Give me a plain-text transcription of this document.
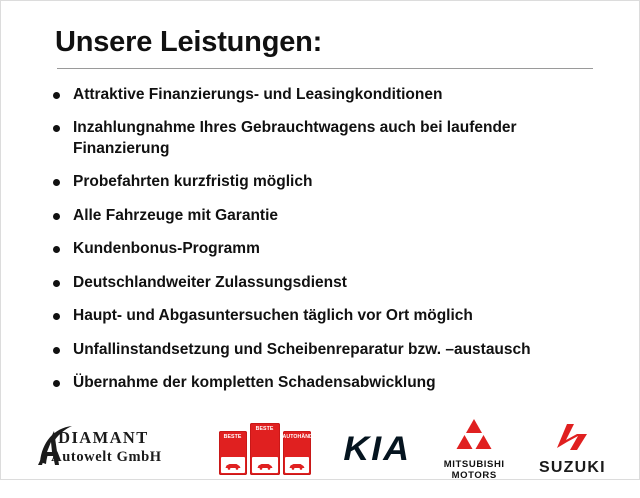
Unsere Leistungen:
Attraktive Finanzierungs- und Leasingkonditionen
Inzahlungnahme Ihres Gebrauchtwagens auch bei laufender Finanzierung
Probefahrten kurzfristig möglich
Alle Fahrzeuge mit Garantie
Kundenbonus-Programm
Deutschlandweiter Zulassungsdienst
Haupt- und Abgasuntersuchen täglich vor Ort möglich
Unfallinstandsetzung und Scheibenreparatur bzw. –austausch
Übernahme der kompletten Schadensabwicklung
DIAMANT
Autowelt GmbH
BESTE
BESTE
AUTOHÄNDLER KIA	MITSUBISHI
MOTORS	SUZUKI
